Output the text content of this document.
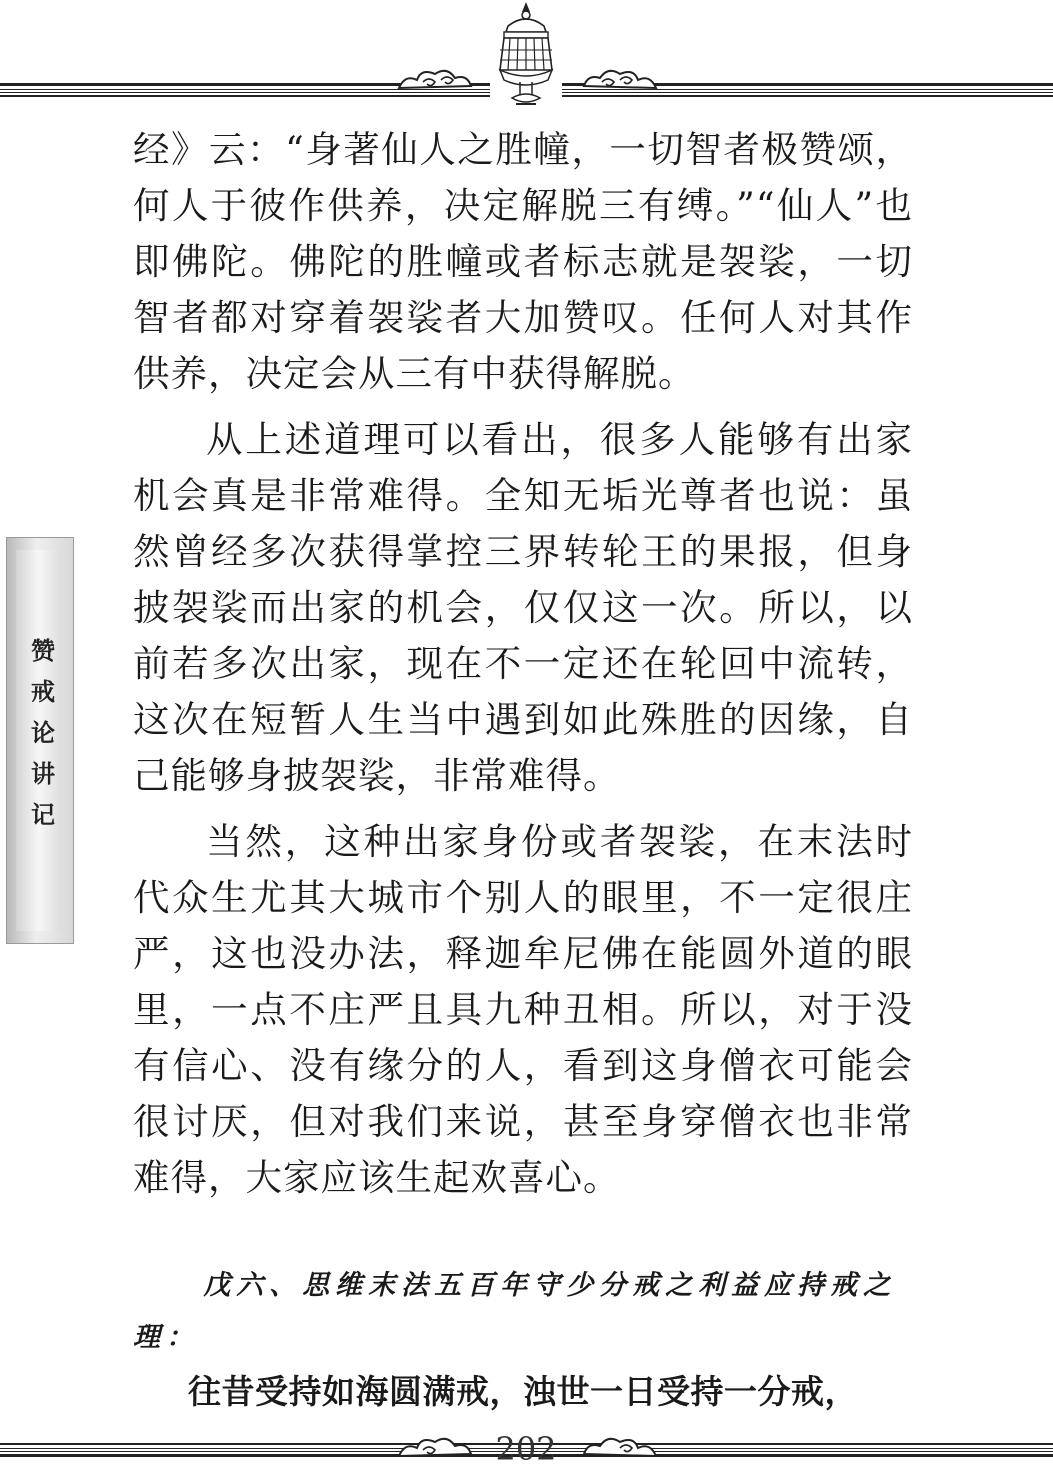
赞戒论讲记

经》云：“身著仙人之胜幢，一切智者极赞颂，何人于彼作供养，决定解脱三有缚。”“仙人”也即佛陀。佛陀的胜幢或者标志就是袈裟，一切智者都对穿着袈裟者大加赞叹。任何人对其作供养，决定会从三有中获得解脱。

从上述道理可以看出，很多人能够有出家机会真是非常难得。全知无垢光尊者也说：虽然曾经多次获得掌控三界转轮王的果报，但身披袈裟而出家的机会，仅仅这一次。所以，以前若多次出家，现在不一定还在轮回中流转，这次在短暂人生当中遇到如此殊胜的因缘，自己能够身披袈裟，非常难得。

当然，这种出家身份或者袈裟，在末法时代众生尤其大城市个别人的眼里，不一定很庄严，这也没办法，释迦牟尼佛在能圆外道的眼里，一点不庄严且具九种丑相。所以，对于没有信心、没有缘分的人，看到这身僧衣可能会很讨厌，但对我们来说，甚至身穿僧衣也非常难得，大家应该生起欢喜心。

戊六、思维末法五百年守少分戒之利益应持戒之理：
往昔受持如海圆满戒，浊世一日受持一分戒，
202
